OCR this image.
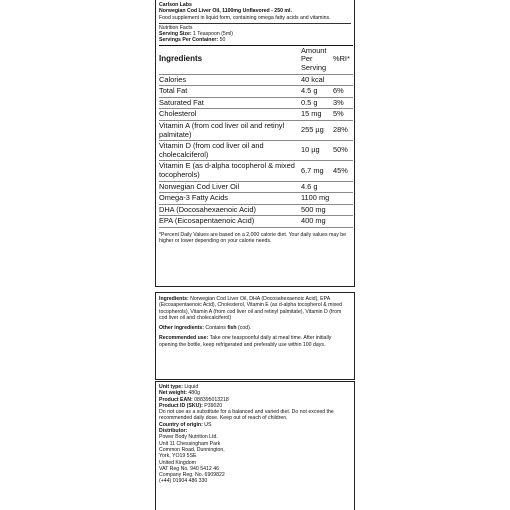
Carlson Labs
Norwegian Cod Liver Oil, 1100mg Unflavored - 250 ml.
Food supplement in liquid form, containing omega fatty acids and vitamins.
Nutrition Facts
Serving Size: 1 Teaspoon (5ml)
Servings Per Container: 50
Ingredients	Amount Per Serving	%RI*
Calories	40 kcal	
Total Fat	4.5 g	6%
Saturated Fat	0.5 g	3%
Cholesterol	15 mg	5%
Vitamin A (from cod liver oil and retinyl palmitate)	255 µg	28%
Vitamin D (from cod liver oil and cholecalciferol)	10 µg	50%
Vitamin E (as d-alpha tocopherol & mixed tocopherols)	6.7 mg	45%
Norwegian Cod Liver Oil	4.6 g	
Omega-3 Fatty Acids	1100 mg	
DHA (Docosahexaenoic Acid)	500 mg	
EPA (Eicosapentaenoic Acid)	400 mg	
*Percent Daily Values are based on a 2,000 calorie diet. Your daily values may be higher or lower depending on your calorie needs.
Ingredients: Norwegian Cod Liver Oil, DHA (Docosahexaenoic Acid), EPA (Eicosapentaenoic Acid), Cholesterol, Vitamin E (as d-alpha tocopherol & mixed tocopherols), Vitamin A (from cod liver oil and retinyl palmitate), Vitamin D (from cod liver oil and cholecalciferol)
Other ingredients: Contains fish (cod).
Recommended use: Take one teaspoonful daily at meal time. After initially opening the bottle, keep refrigerated and preferably use within 100 days.
Unit type: Liquid
Net weight: 480g
Product EAN: 088395013218
Product ID (SKU): P39020
Do not use as a substitute for a balanced and varied diet. Do not exceed the recommended daily dose. Keep out of reach of children.
Country of origin: US
Distributor:
Power Body Nutrition Ltd.
Unit 11 Chessingham Park
Common Road, Dunnington,
York, YO19 5SE
United Kingdom
VAT Reg No. 940 5412 46
Company Reg. No. 6909822
(+44) 01904 486 330
